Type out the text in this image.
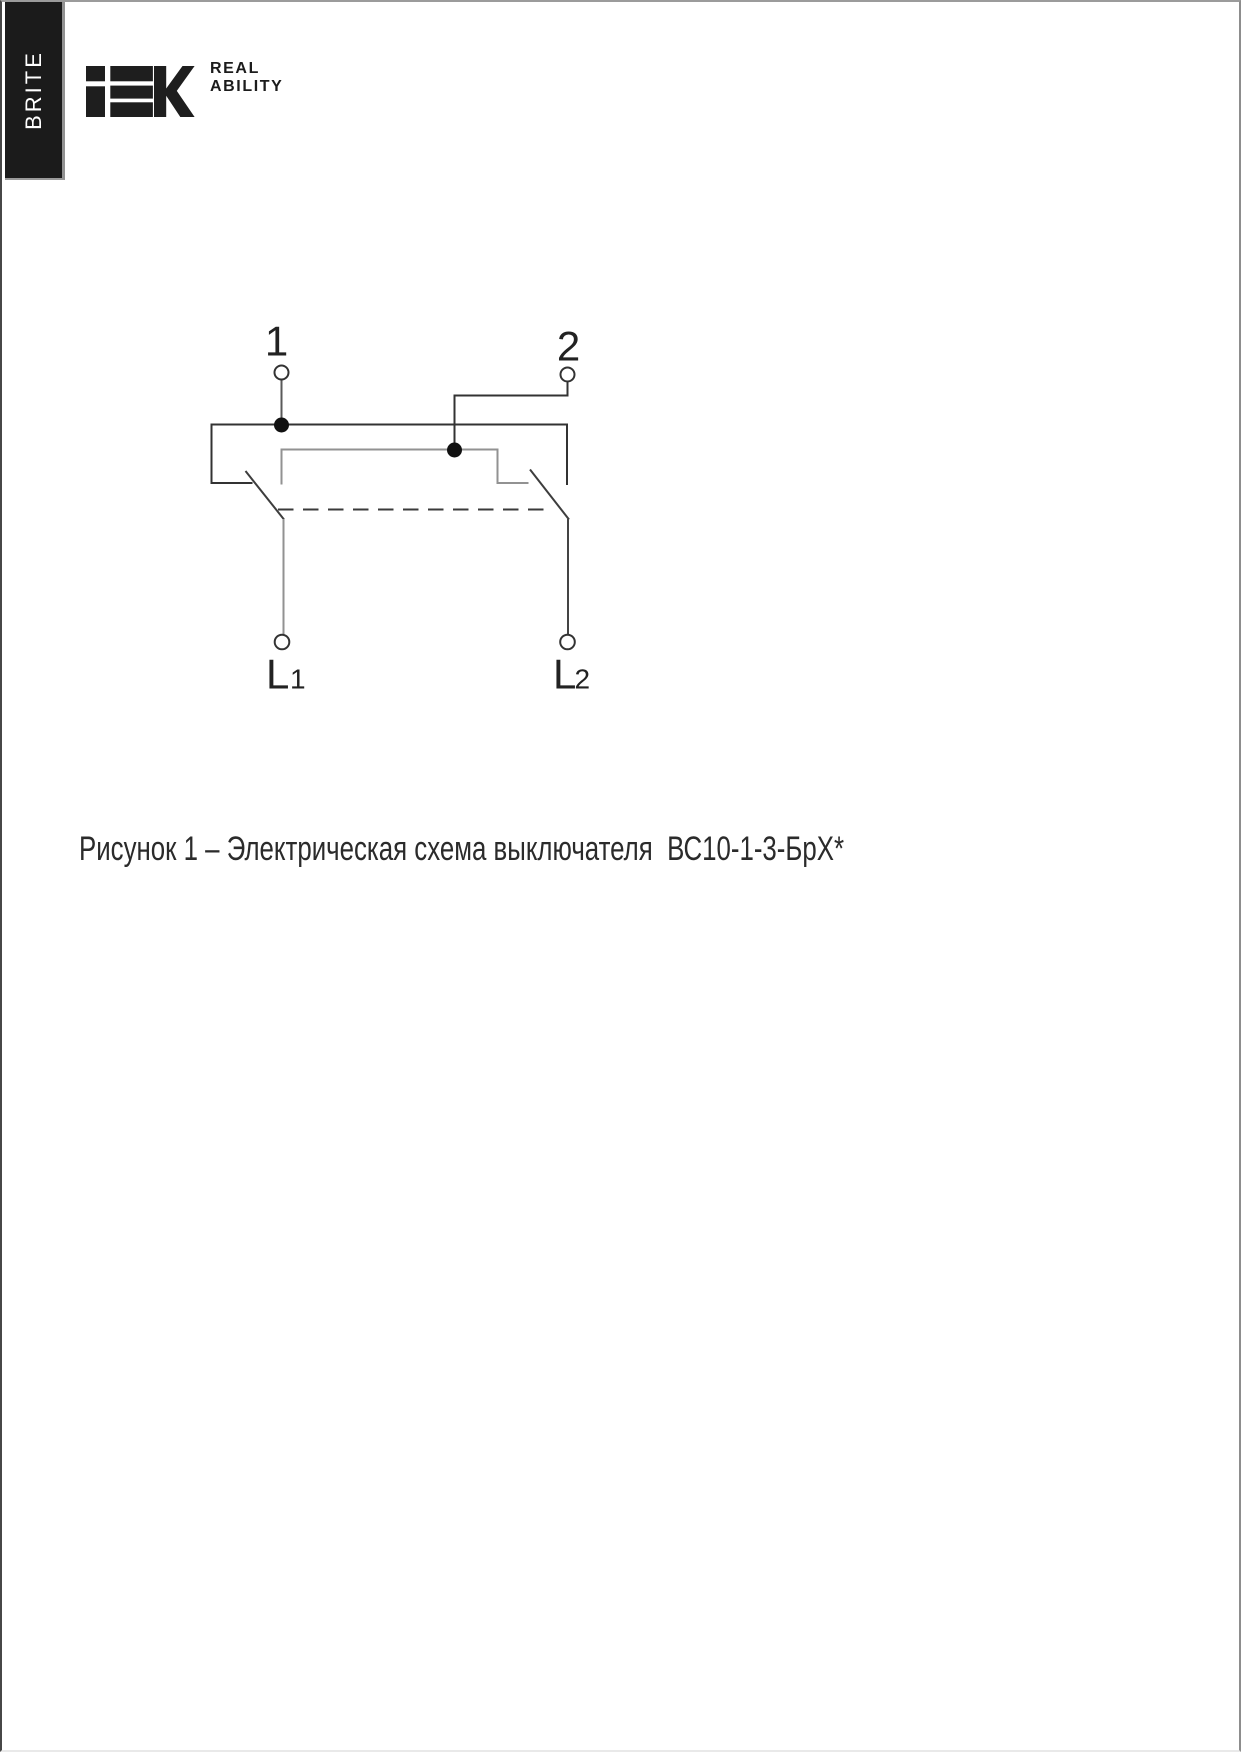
BRITE	REAL
ABILITY
1	2
L 1	L
2
Рисунок 1 – Электрическая схема выключателя  ВС10-1-3-БрХ*
